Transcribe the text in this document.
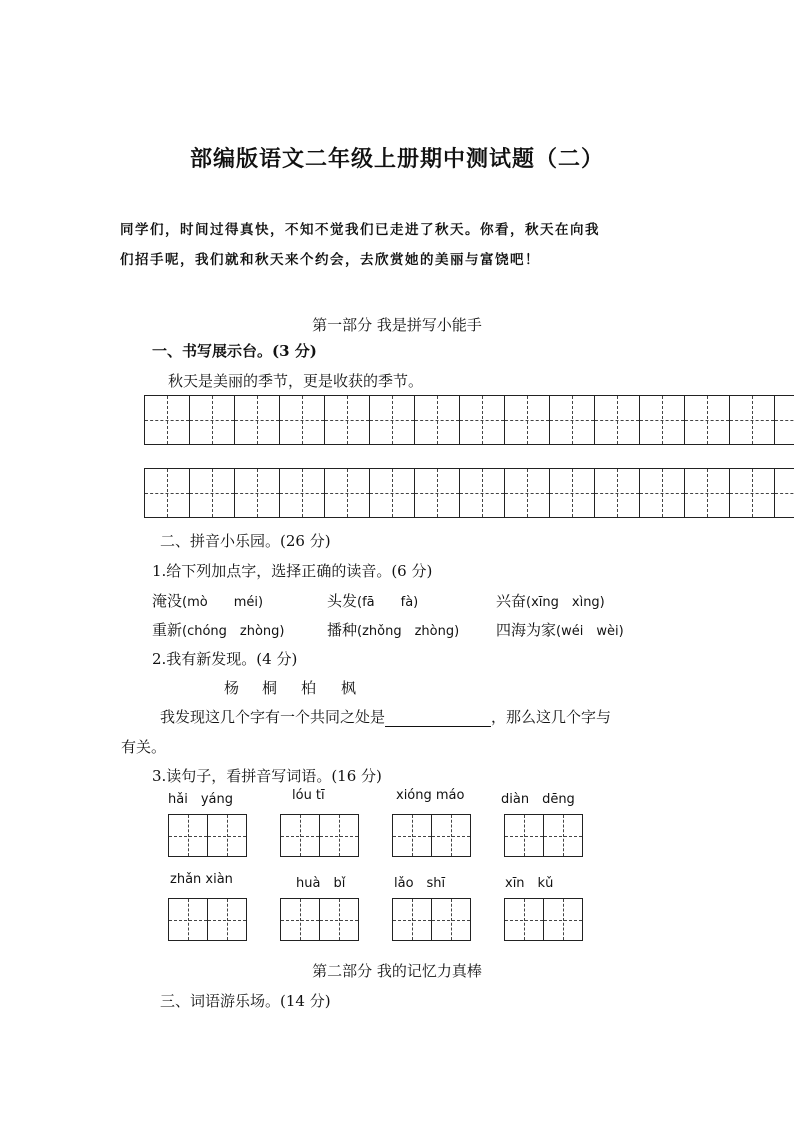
部编版语文二年级上册期中测试题（二）
同学们，时间过得真快，不知不觉我们已走进了秋天。你看，秋天在向我
们招手呢，我们就和秋天来个约会，去欣赏她的美丽与富饶吧！
第一部分 我是拼写小能手
一、书写展示台。(3 分)
秋天是美丽的季节，更是收获的季节。
二、拼音小乐园。(26 分)
1.给下列加点字，选择正确的读音。(6 分)
淹没(mò　　méi)	头发(fā　　fà)	兴奋(xīng　xìng)
重新(chóng　zhòng)	播种(zhǒng　zhòng) 四海为家(wéi　wèi)
2.我有新发现。(4 分)
杨 桐 柏 枫
我发现这几个字有一个共同之处是	，那么这几个字与
有关。
3.读句子，看拼音写词语。(16 分)
hǎi　yáng	lóu tī	xióng máo	diàn　dēng
zhǎn xiàn	huà　bǐ	lǎo　shī	xīn　kǔ
第二部分 我的记忆力真棒
三、词语游乐场。(14 分)
